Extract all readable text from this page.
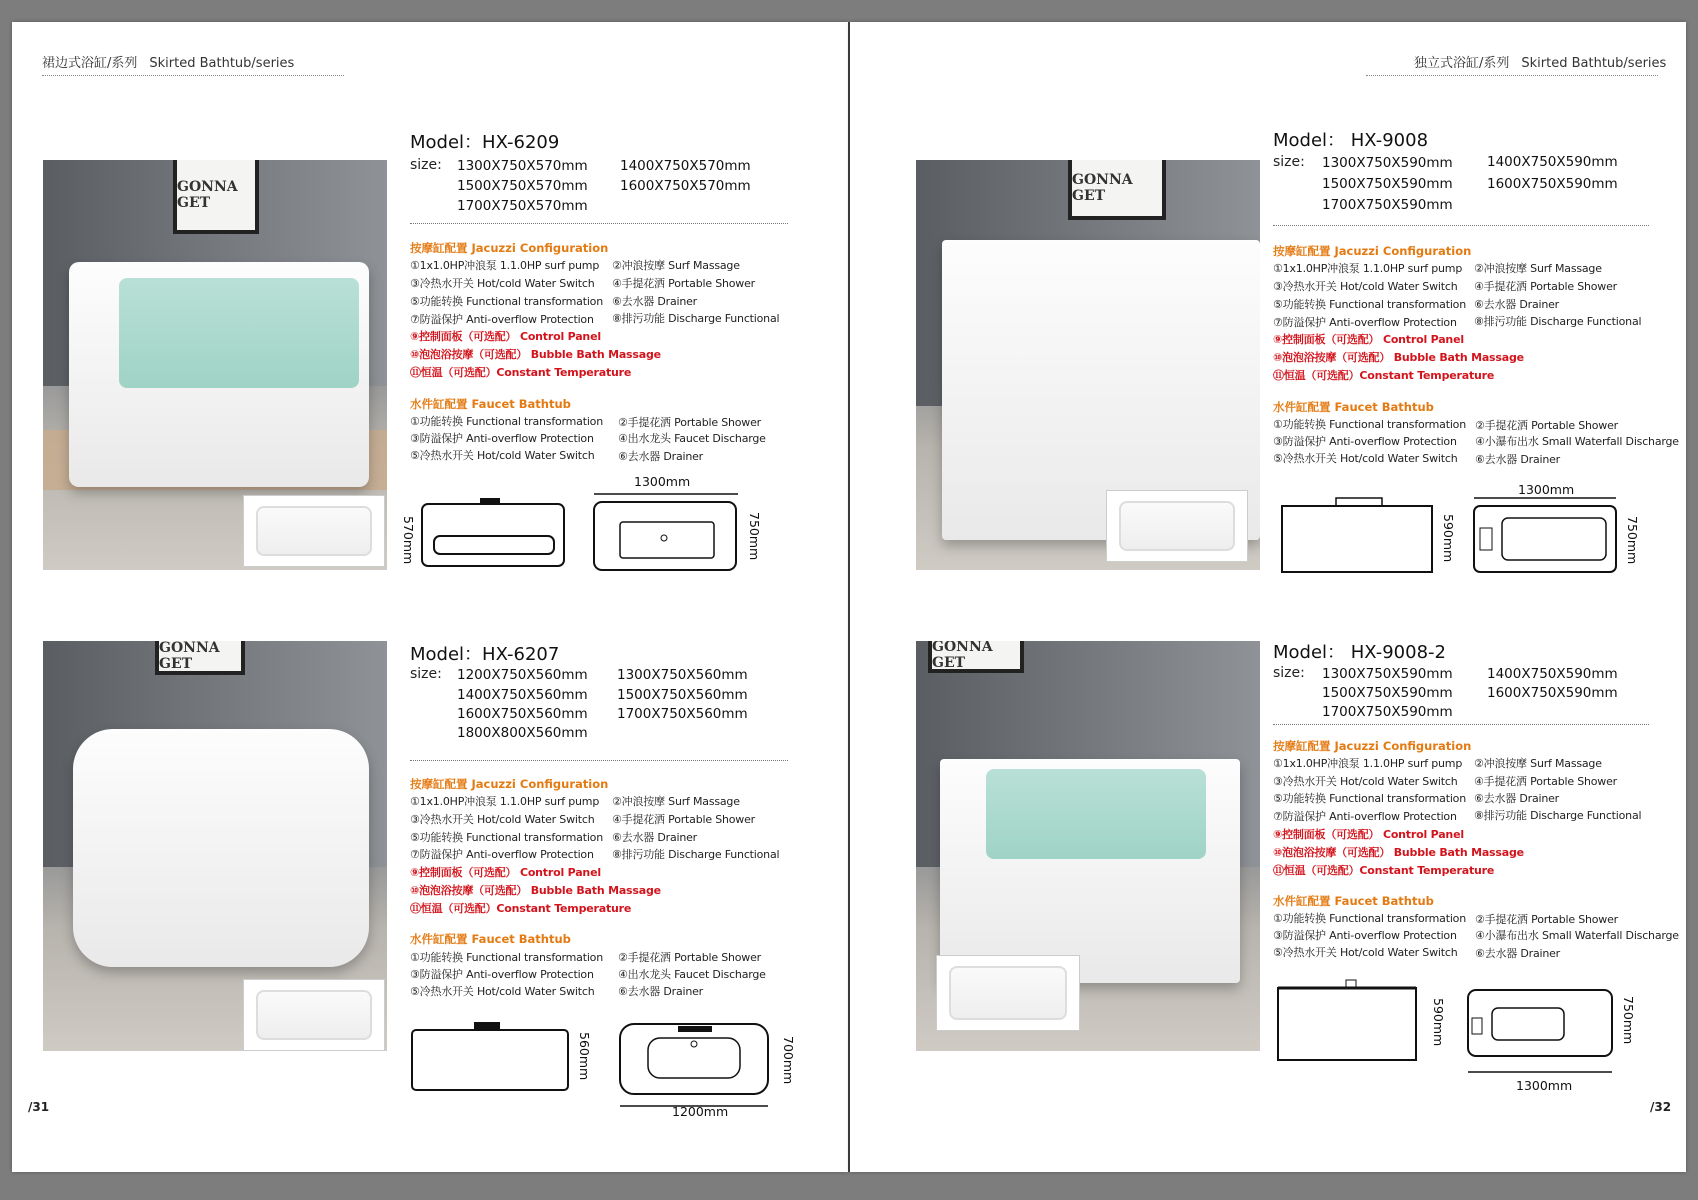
裙边式浴缸/系列 Skirted Bathtub/series
/31
独立式浴缸/系列 Skirted Bathtub/series
/32
GONNA GET
Model：HX-6209
size: 1300X750X570mm 1400X750X570mm
1500X750X570mm 1600X750X570mm
1700X750X570mm
按摩缸配置 Jacuzzi Configuration
①1x1.0HP冲浪泵 1.1.0HP surf pump ②冲浪按摩 Surf Massage
③冷热水开关 Hot/cold Water Switch ④手提花洒 Portable Shower
⑤功能转换 Functional transformation ⑥去水器 Drainer
⑦防溢保护 Anti-overflow Protection ⑧排污功能 Discharge Functional
⑨控制面板（可选配） Control Panel
⑩泡泡浴按摩（可选配） Bubble Bath Massage
⑪恒温（可选配）Constant Temperature
水件缸配置 Faucet Bathtub
①功能转换 Functional transformation ②手提花洒 Portable Shower
③防溢保护 Anti-overflow Protection ④出水龙头 Faucet Discharge
⑤冷热水开关 Hot/cold Water Switch ⑥去水器 Drainer
570mm
1300mm
750mm
GONNA GET	Model：HX-6207
size: 1200X750X560mm 1300X750X560mm
1400X750X560mm 1500X750X560mm
1600X750X560mm 1700X750X560mm
1800X800X560mm
按摩缸配置 Jacuzzi Configuration
①1x1.0HP冲浪泵 1.1.0HP surf pump ②冲浪按摩 Surf Massage
③冷热水开关 Hot/cold Water Switch ④手提花洒 Portable Shower
⑤功能转换 Functional transformation ⑥去水器 Drainer
⑦防溢保护 Anti-overflow Protection ⑧排污功能 Discharge Functional
⑨控制面板（可选配） Control Panel
⑩泡泡浴按摩（可选配） Bubble Bath Massage
⑪恒温（可选配）Constant Temperature
水件缸配置 Faucet Bathtub
①功能转换 Functional transformation ②手提花洒 Portable Shower
③防溢保护 Anti-overflow Protection ④出水龙头 Faucet Discharge
⑤冷热水开关 Hot/cold Water Switch ⑥去水器 Drainer
560mm
1200mm
700mm
GONNA GET
Model： HX-9008
size: 1300X750X590mm	1400X750X590mm
1500X750X590mm	1600X750X590mm
1700X750X590mm
按摩缸配置 Jacuzzi Configuration
①1x1.0HP冲浪泵 1.1.0HP surf pump ②冲浪按摩 Surf Massage
③冷热水开关 Hot/cold Water Switch ④手提花洒 Portable Shower
⑤功能转换 Functional transformation ⑥去水器 Drainer
⑦防溢保护 Anti-overflow Protection ⑧排污功能 Discharge Functional
⑨控制面板（可选配） Control Panel
⑩泡泡浴按摩（可选配） Bubble Bath Massage
⑪恒温（可选配）Constant Temperature
水件缸配置 Faucet Bathtub
①功能转换 Functional transformation ②手提花洒 Portable Shower
③防溢保护 Anti-overflow Protection ④小瀑布出水 Small Waterfall Discharge
⑤冷热水开关 Hot/cold Water Switch ⑥去水器 Drainer
590mm
1300mm
750mm
GONNA GET	Model： HX-9008-2
size: 1300X750X590mm	1400X750X590mm
1500X750X590mm	1600X750X590mm
1700X750X590mm
按摩缸配置 Jacuzzi Configuration
①1x1.0HP冲浪泵 1.1.0HP surf pump ②冲浪按摩 Surf Massage
③冷热水开关 Hot/cold Water Switch ④手提花洒 Portable Shower
⑤功能转换 Functional transformation ⑥去水器 Drainer
⑦防溢保护 Anti-overflow Protection ⑧排污功能 Discharge Functional
⑨控制面板（可选配） Control Panel
⑩泡泡浴按摩（可选配） Bubble Bath Massage
⑪恒温（可选配）Constant Temperature
水件缸配置 Faucet Bathtub
①功能转换 Functional transformation ②手提花洒 Portable Shower
③防溢保护 Anti-overflow Protection ④小瀑布出水 Small Waterfall Discharge
⑤冷热水开关 Hot/cold Water Switch ⑥去水器 Drainer
590mm
1300mm
750mm
